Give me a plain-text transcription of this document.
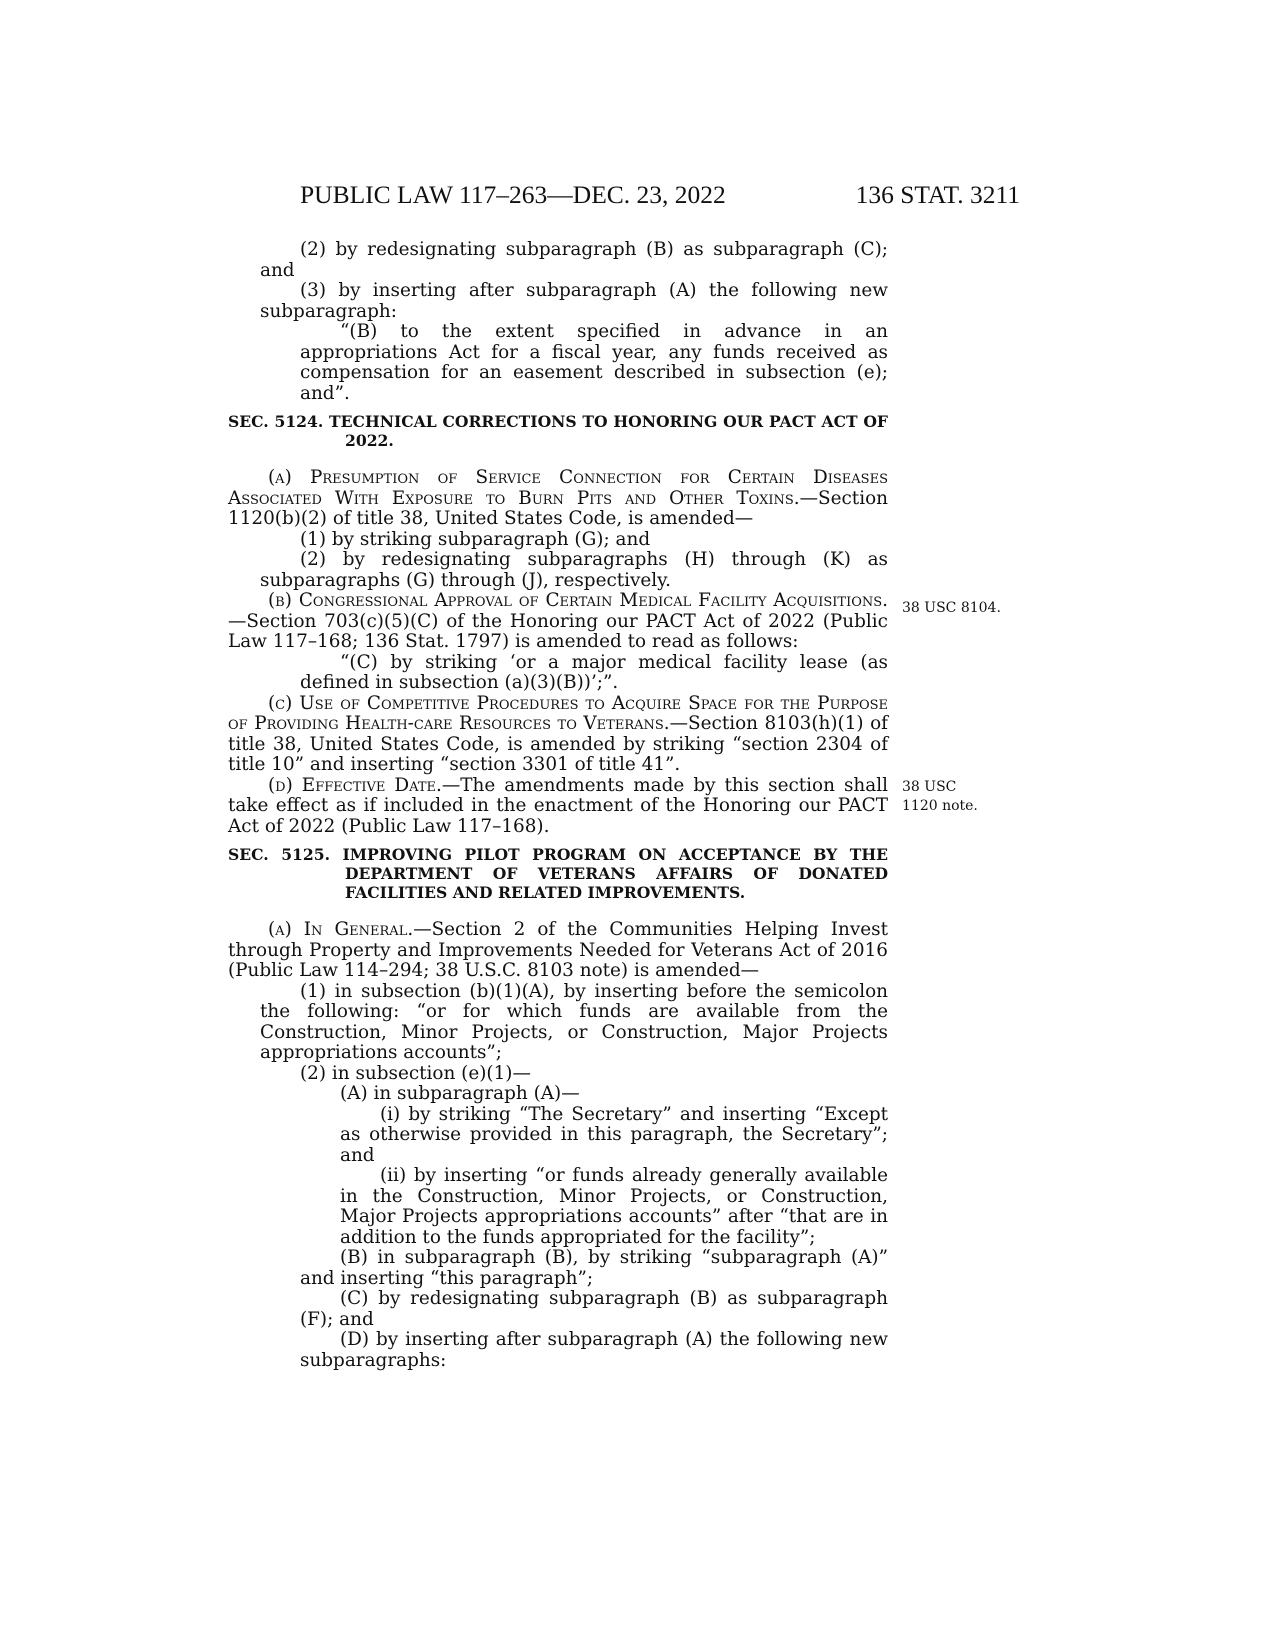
PUBLIC LAW 117–263—DEC. 23, 2022	136 STAT. 3211

(2) by redesignating subparagraph (B) as subparagraph (C); and

(3) by inserting after subparagraph (A) the following new subparagraph:

“(B) to the extent specified in advance in an appropriations Act for a fiscal year, any funds received as compensation for an easement described in subsection (e); and”.

SEC. 5124. TECHNICAL CORRECTIONS TO HONORING OUR PACT ACT OF 2022.

(a) Presumption of Service Connection for Certain Diseases Associated With Exposure to Burn Pits and Other Toxins.—Section 1120(b)(2) of title 38, United States Code, is amended—

(1) by striking subparagraph (G); and

(2) by redesignating subparagraphs (H) through (K) as subparagraphs (G) through (J), respectively.

(b) Congressional Approval of Certain Medical Facility Acquisitions.—Section 703(c)(5)(C) of the Honoring our PACT Act of 2022 (Public Law 117–168; 136 Stat. 1797) is amended to read as follows:

“(C) by striking ‘or a major medical facility lease (as defined in subsection (a)(3)(B))’;”.

(c) Use of Competitive Procedures to Acquire Space for the Purpose of Providing Health-care Resources to Veterans.—Section 8103(h)(1) of title 38, United States Code, is amended by striking “section 2304 of title 10” and inserting “section 3301 of title 41”.

(d) Effective Date.—The amendments made by this section shall take effect as if included in the enactment of the Honoring our PACT Act of 2022 (Public Law 117–168).

SEC. 5125. IMPROVING PILOT PROGRAM ON ACCEPTANCE BY THE DEPARTMENT OF VETERANS AFFAIRS OF DONATED FACILITIES AND RELATED IMPROVEMENTS.

(a) In General.—Section 2 of the Communities Helping Invest through Property and Improvements Needed for Veterans Act of 2016 (Public Law 114–294; 38 U.S.C. 8103 note) is amended—

(1) in subsection (b)(1)(A), by inserting before the semicolon the following: “or for which funds are available from the Construction, Minor Projects, or Construction, Major Projects appropriations accounts”;

(2) in subsection (e)(1)—

(A) in subparagraph (A)—

(i) by striking “The Secretary” and inserting “Except as otherwise provided in this paragraph, the Secretary”; and

(ii) by inserting “or funds already generally available in the Construction, Minor Projects, or Construction, Major Projects appropriations accounts” after “that are in addition to the funds appropriated for the facility”;

(B) in subparagraph (B), by striking “subparagraph (A)” and inserting “this paragraph”;

(C) by redesignating subparagraph (B) as subparagraph (F); and

(D) by inserting after subparagraph (A) the following new subparagraphs:

38 USC 8104.
38 USC 1120 note.
